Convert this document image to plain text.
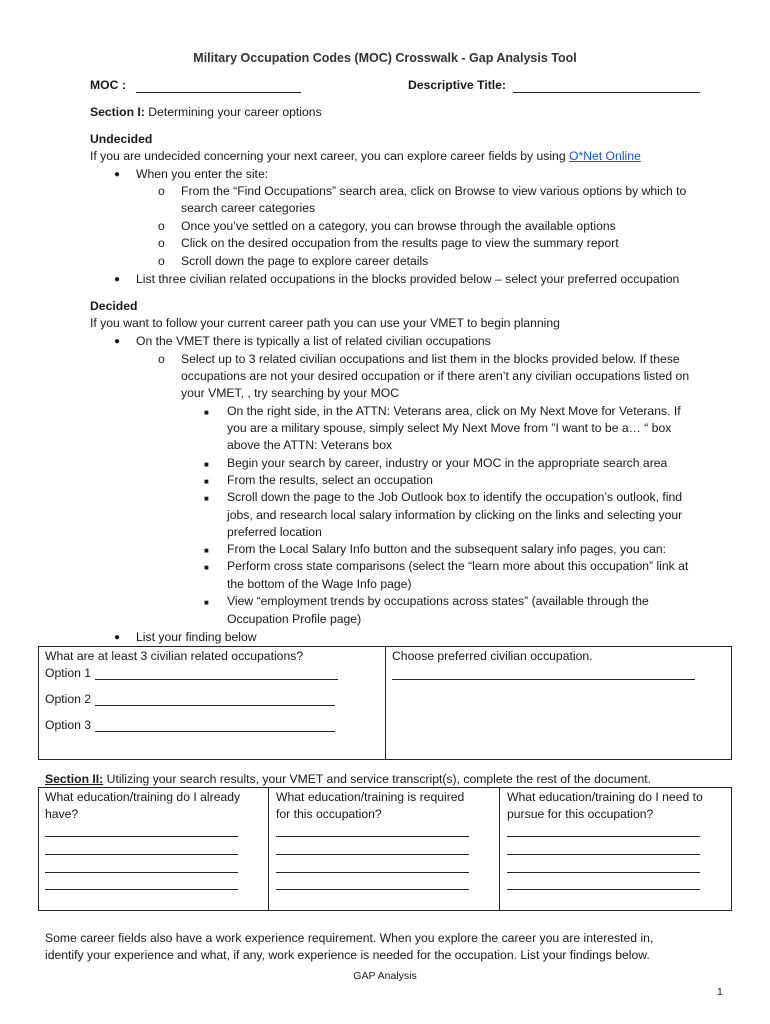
Military Occupation Codes (MOC) Crosswalk - Gap Analysis Tool
MOC :	Descriptive Title:
Section I: Determining your career options
Undecided
If you are undecided concerning your next career, you can explore career fields by using O*Net Online
● When you enter the site:
o From the “Find Occupations” search area, click on Browse to view various options by which to
search career categories
o Once you’ve settled on a category, you can browse through the available options
o Click on the desired occupation from the results page to view the summary report
o Scroll down the page to explore career details
● List three civilian related occupations in the blocks provided below – select your preferred occupation
Decided
If you want to follow your current career path you can use your VMET to begin planning
● On the VMET there is typically a list of related civilian occupations
o Select up to 3 related civilian occupations and list them in the blocks provided below. If these
occupations are not your desired occupation or if there aren’t any civilian occupations listed on
your VMET, , try searching by your MOC
■ On the right side, in the ATTN: Veterans area, click on My Next Move for Veterans. If
you are a military spouse, simply select My Next Move from ”I want to be a… “ box
above the ATTN: Veterans box
■ Begin your search by career, industry or your MOC in the appropriate search area
■ From the results, select an occupation
■ Scroll down the page to the Job Outlook box to identify the occupation’s outlook, find
jobs, and research local salary information by clicking on the links and selecting your
preferred location
■ From the Local Salary Info button and the subsequent salary info pages, you can:
■ Perform cross state comparisons (select the “learn more about this occupation” link at
the bottom of the Wage Info page)
■ View “employment trends by occupations across states” (available through the
Occupation Profile page)
● List your finding below
What are at least 3 civilian related occupations?
Option 1
Option 2
Option 3
Choose preferred civilian occupation.
Section II: Utilizing your search results, your VMET and service transcript(s), complete the rest of the document.
What education/training do I already
have?
What education/training is required
for this occupation?
What education/training do I need to
pursue for this occupation?
Some career fields also have a work experience requirement. When you explore the career you are interested in,
identify your experience and what, if any, work experience is needed for the occupation. List your findings below.
GAP Analysis
1
